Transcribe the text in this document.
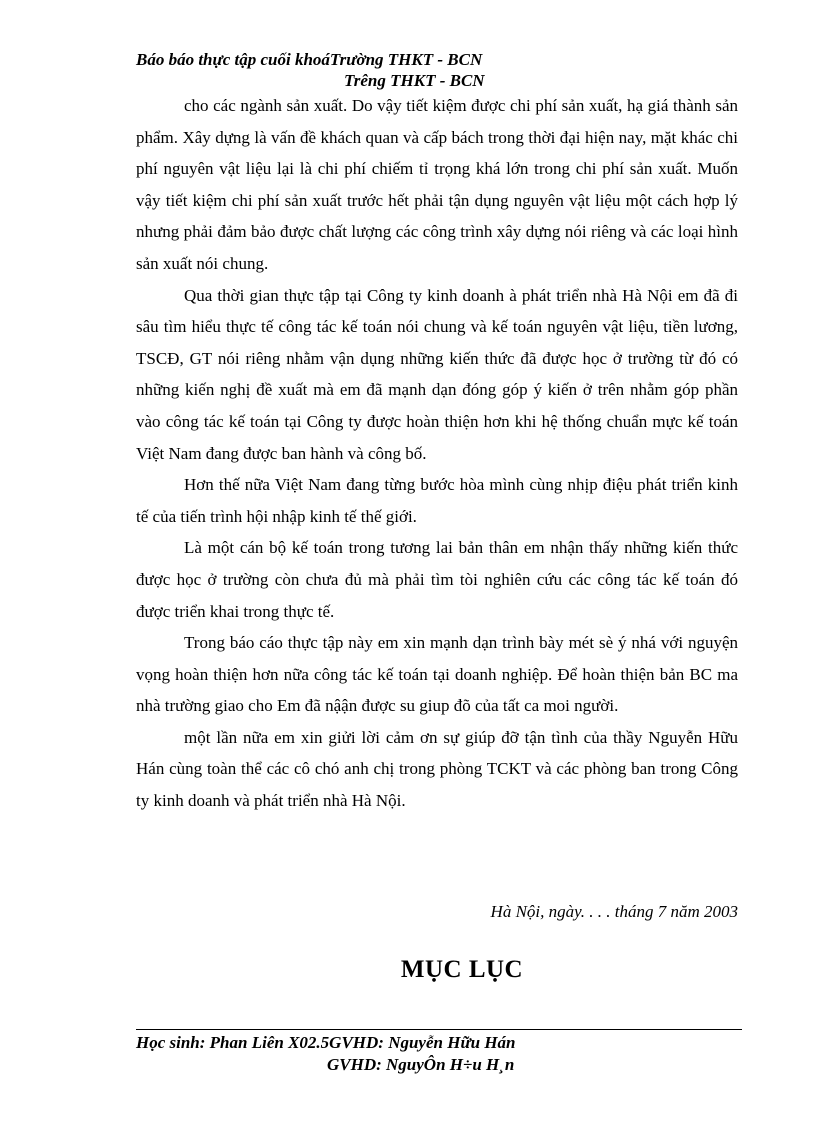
Báo báo thực tập cuối khoáTrường THKT - BCN
Trêng THKT - BCN

cho các ngành sản xuất. Do vậy tiết kiệm được chi phí sản xuất, hạ giá thành sản phẩm. Xây dựng là vấn đề khách quan và cấp bách trong thời đại hiện nay, mặt khác chi phí nguyên vật liệu lại là chi phí chiếm tỉ trọng khá lớn trong chi phí sản xuất. Muốn vậy tiết kiệm chi phí sản xuất trước hết phải tận dụng nguyên vật liệu một cách hợp lý nhưng phải đảm bảo được chất lượng các công trình xây dựng nói riêng và các loại hình sản xuất nói chung.

Qua thời gian thực tập tại Công ty kinh doanh à phát triển nhà Hà Nội em đã đi sâu tìm hiểu thực tế công tác kế toán nói chung và kế toán nguyên vật liệu, tiền lương, TSCĐ, GT nói riêng nhằm vận dụng những kiến thức đã được học ở trường từ đó có những kiến nghị đề xuất mà em đã mạnh dạn đóng góp ý kiến ở trên nhằm góp phần vào công tác kế toán tại Công ty được hoàn thiện hơn khi hệ thống chuẩn mực kế toán Việt Nam đang được ban hành và công bố.

Hơn thế nữa Việt Nam đang từng bước hòa mình cùng nhịp điệu phát triển kinh tế của tiến trình hội nhập kinh tế thế giới.

Là một cán bộ kế toán trong tương lai bản thân em nhận thấy những kiến thức được học ở trường còn chưa đủ mà phải tìm tòi nghiên cứu các công tác kế toán đó được triển khai trong thực tế.

Trong báo cáo thực tập này em xin mạnh dạn trình bày mét sè ý nhá với nguyện vọng hoàn thiện hơn nữa công tác kế toán tại doanh nghiệp. Để hoàn thiện bản BC ma nhà trường giao cho Em đã nậận được su giup đõ của tất ca moi người.

một lần nữa em xin giửi lời cảm ơn sự giúp đỡ tận tình của thầy Nguyễn Hữu Hán cùng toàn thể các cô chó anh chị trong phòng TCKT và các phòng ban trong Công ty kinh doanh và phát triển nhà Hà Nội.

Hà Nội, ngày. . . . tháng 7 năm 2003
MỤC LỤC
Học sinh: Phan Liên X02.5GVHD: Nguyễn Hữu Hán
GVHD: NguyÔn H÷u H¸n
